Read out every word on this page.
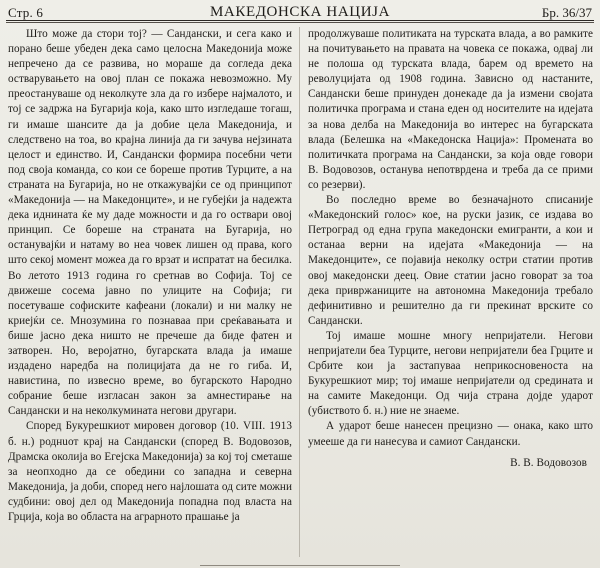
Стр. 6	МАКЕДОНСКА НАЦИЈА	Бр. 36/37

Што може да стори тој? — Сандански, и сега како и порано беше убеден дека само целосна Македонија може непречено да се развива, но мораше да согледа дека остварувањето на овој план се покажа невозможно. Му преостануваше од неколкуте зла да го избере најмалото, и тој се задржа на Бугарија која, како што изгледаше тогаш, ги имаше шансите да ја добие цела Македонија, и следствено на тоа, во крајна линија да ги зачува нејзината целост и единство. И, Сандански формира посебни чети под своја команда, со кои се бореше против Турците, а на страната на Бугарија, но не откажувајќи се од принципот «Македонија — на Македонците», и не губејќи ја надежта дека иднината ќе му даде можности и да го оствари овој принцип. Се бореше на страната на Бугарија, но останувајќи и натаму во неа човек лишен од права, кого што секој момент можеа да го врзат и испратат на бесилка. Во летото 1913 година го сретнав во Софија. Тој се движеше сосема јавно по улиците на Софија; ги посетуваше софиските кафеани (локали) и ни малку не криејќи се. Мнозумина го познаваа при срeќавањата и бише јасно дека ништо не пречеше да биде фатен и затворен. Но, веројатно, бугарската влада ја имаше издадено наредба на полицијата да не го гиба. И, навистина, по извесно време, во бугарското Народно собрание беше изгласан закон за амнестирање на Сандански и на неколкумината негови другари.

Според Букурешкиот мировен договор (10. VIII. 1913 б. н.) роднuот крај на Сандански (според В. Водовозов, Драмска околија во Егејска Македонија) за кој тој сметаше за неопходно да се обедини со западна и северна Македонија, ја доби, според него најлошата од сите можни судбини: овој дел од Македонија попадна под власта на Грција, која во областа на аграрното прашање ја

продолжуваше политиката на турската влада, а во рамките на почитувањето на правата на човека се покажа, одвај ли не полоша од турската влада, барем од времето на револуцијата од 1908 година. Зависно од настаните, Сандански беше принуден донекаде да ја измени својата политичка програма и стана еден од носителите на идејата за нова делба на Македонија во интерес на бугарската влада (Белешка на «Македонска Нација»: Промената во политичката програма на Сандански, за која овде говори В. Водовозов, останува непотврдена и треба да се прими со резерви).

Во последно време во безначајното списаније «Македонский голос» кое, на руски јазик, се издава во Петроград од една група македонски емигранти, а кои и останаа верни на идејата «Македонија — на Македонците», се појавија неколку остри статии против овој македонски деец. Овие статии јасно говорат за тоа дека привржаниците на автономна Македонија требало дефинитивно и решително да ги прекинат врските со Сандански.

Тој имаше мошне многу непријатели. Негови непријатели беа Турците, негови непријатели беа Грците и Србите кои ја застапуваа неприкосновеноста на Букурешкиот мир; тој имаше непријатели од средината и на самите Македонци. Од чија страна дојде ударот (убиството б. н.) ние не знаеме.

А ударот беше нанесен прецизно — онака, како што умееше да ги нанесува и самиот Сандански.

В. В. Водовозов
